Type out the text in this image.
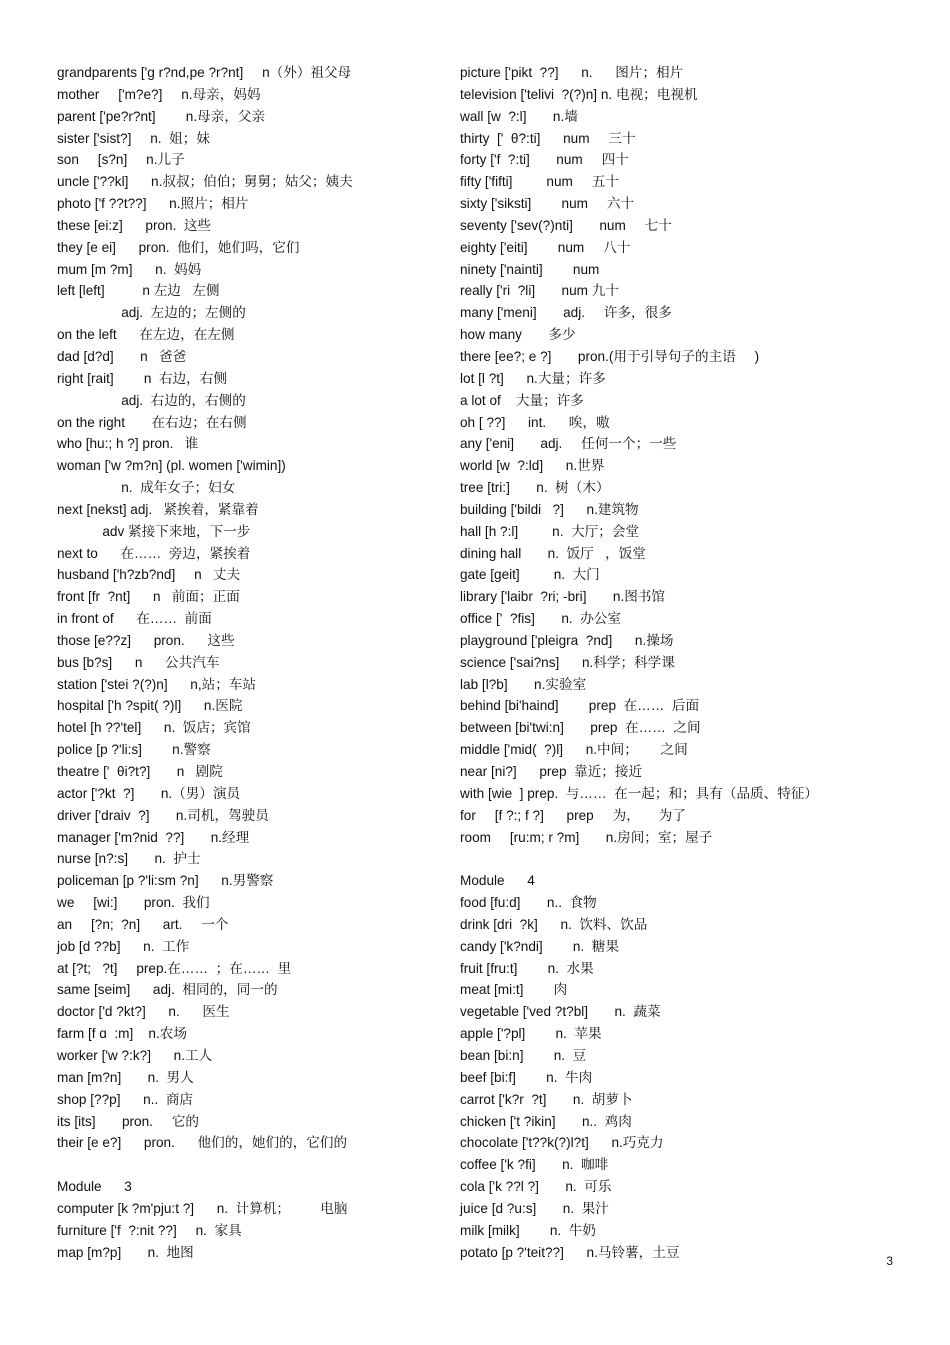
grandparents ['g r?nd,pe ?r?nt]     n（外）祖父母
mother     ['m?e?]     n.母亲，妈妈
parent ['pe?r?nt]        n.母亲，父亲
sister ['sist?]     n.  姐；妹
son     [s?n]     n.儿子
uncle ['??kl]      n.叔叔；伯伯；舅舅；姑父；姨夫
photo ['f ??t??]      n.照片；相片
these [ei:z]      pron.  这些
they [e ei]      pron.  他们，她们吗，它们
mum [m ?m]      n.  妈妈
left [left]          n 左边   左侧
adj.  左边的；左侧的
on the left      在左边，在左侧
dad [d?d]       n   爸爸
right [rait]        n  右边，右侧
adj.  右边的，右侧的
on the right       在右边；在右侧
who [hu:; h ?] pron.   谁
woman ['w ?m?n] (pl. women ['wimin])
n.  成年女子；妇女
next [nekst] adj.   紧挨着，紧靠着
adv 紧接下来地，下一步
next to      在……  旁边，紧挨着
husband ['h?zb?nd]     n   丈夫
front [fr  ?nt]      n   前面；正面
in front of      在……  前面
those [e??z]      pron.      这些
bus [b?s]      n      公共汽车
station ['stei ?(?)n]      n,站；车站
hospital ['h ?spit( ?)l]      n.医院
hotel [h ??'tel]      n.  饭店；宾馆
police [p ?'li:s]        n.警察
theatre ['  θi?t?]       n   剧院
actor ['?kt  ?]       n.（男）演员
driver ['draiv  ?]       n.司机，驾驶员
manager ['m?nid  ??]       n.经理
nurse [n?:s]       n.  护士
policeman [p ?'li:sm ?n]      n.男警察
we     [wi:]       pron.  我们
an     [?n;  ?n]      art.     一个
job [d ??b]      n.  工作
at [?t;   ?t]     prep.在……  ；在……  里
same [seim]      adj.  相同的，同一的
doctor ['d ?kt?]      n.      医生
farm [f ɑ  :m]    n.农场
worker ['w ?:k?]      n.工人
man [m?n]       n.  男人
shop [??p]      n..  商店
its [its]       pron.     它的
their [e e?]      pron.      他们的，她们的，它们的
Module      3
computer [k ?m'pju:t ?]      n.  计算机；        电脑
furniture ['f  ?:nit ??]     n.  家具
map [m?p]       n.  地图
picture ['pikt  ??]      n.      图片；相片
television ['telivi  ?(?)n] n. 电视；电视机
wall [w  ?:l]       n.墙
thirty  ['  θ?:ti]      num     三十
forty ['f  ?:ti]       num     四十
fifty ['fifti]         num     五十
sixty ['siksti]        num     六十
seventy ['sev(?)nti]       num     七十
eighty ['eiti]        num     八十
ninety ['nainti]        num
really ['ri  ?li]       num 九十
many ['meni]       adj.     许多，很多
how many       多少
there [ee?; e ?]       pron.(用于引导句子的主语     )
lot [l ?t]      n.大量；许多
a lot of    大量；许多
oh [ ??]      int.      唉，嗷
any ['eni]       adj.     任何一个；一些
world [w  ?:ld]      n.世界
tree [tri:]       n.  树（木）
building ['bildi   ?]      n.建筑物
hall [h ?:l]         n.  大厅；会堂
dining hall       n.  饭厅   ，饭堂
gate [geit]         n.  大门
library ['laibr  ?ri; -bri]       n.图书馆
office ['  ?fis]       n.  办公室
playground ['pleigra  ?nd]      n.操场
science ['sai?ns]      n.科学；科学课
lab [l?b]       n.实验室
behind [bi'haind]        prep  在……  后面
between [bi'twi:n]       prep  在……  之间
middle ['mid(  ?)l]      n.中间；      之间
near [ni?]      prep  靠近；接近
with [wie  ] prep.  与……  在一起；和；具有（品质、特征）
for     [f ?:; f ?]      prep     为，     为了
room     [ru:m; r ?m]       n.房间；室；屋子
Module      4
food [fu:d]       n..  食物
drink [dri  ?k]      n.  饮料、饮品
candy ['k?ndi]        n.  糖果
fruit [fru:t]        n.  水果
meat [mi:t]        肉
vegetable ['ved ?t?bl]       n.  蔬菜
apple ['?pl]        n.  苹果
bean [bi:n]        n.  豆
beef [bi:f]        n.  牛肉
carrot ['k?r  ?t]       n.  胡萝卜
chicken ['t ?ikin]       n..  鸡肉
chocolate ['t??k(?)l?t]      n.巧克力
coffee ['k ?fi]       n.  咖啡
cola ['k ??l ?]       n.  可乐
juice [d ?u:s]       n.  果汁
milk [milk]        n.  牛奶
potato [p ?'teit??]      n.马铃薯，土豆
3
